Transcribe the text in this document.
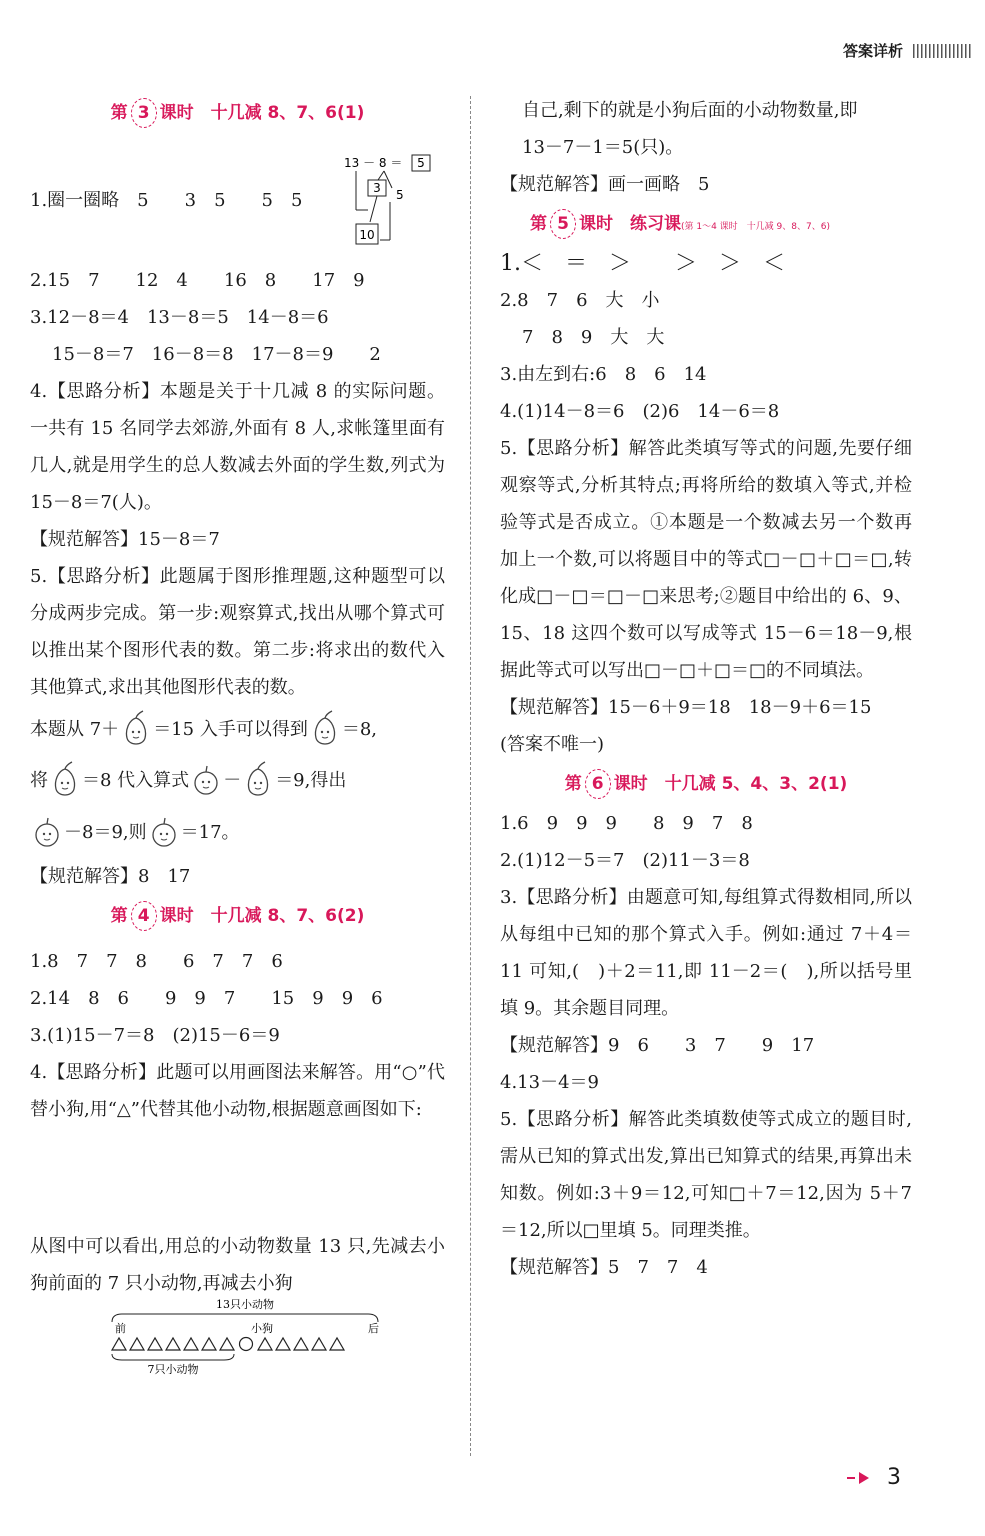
答案详析
第 3 课时　 十几减 8、7、6(1)
1.圈一圈略　5　　3　5　　5　5
2.15　7　　12　4　　16　8　　17　9
3.12－8＝4　13－8＝5　14－8＝6
15－8＝7　16－8＝8　17－8＝9　　2
4.【思路分析】本题是关于十几减 8 的实际问题。一共有 15 名同学去郊游,外面有 8 人,求帐篷里面有几人,就是用学生的总人数减去外面的学生数,列式为15－8＝7(人)。
【规范解答】15－8＝7
5.【思路分析】此题属于图形推理题,这种题型可以分成两步完成。第一步:观察算式,找出从哪个算式可以推出某个图形代表的数。第二步:将求出的数代入其他算式,求出其他图形代表的数。
本题从 7＋ ＝15 入手可以得到 ＝8,
将 ＝8 代入算式 － ＝9,得出
－8＝9,则 ＝17。
【规范解答】8　17
第 4 课时　 十几减 8、7、6(2)
1.8　7　7　8　　6　7　7　6
2.14　8　6　　9　9　7　　15　9　9　6
3.(1)15－7＝8　(2)15－6＝9
4.【思路分析】此题可以用画图法来解答。用“○”代替小狗,用“△”代替其他小动物,根据题意画图如下:
从图中可以看出,用总的小动物数量 13 只,先减去小狗前面的 7 只小动物,再减去小狗
13 － 8 ＝ 5
3 5
10
13只小动物
前	小狗	后
7只小动物
自己,剩下的就是小狗后面的小动物数量,即
13－7－1＝5(只)。
【规范解答】画一画略　5
第 5 课时　 练习课(第 1～4 课时　十几减 9、8、7、6)
1.＜　＝　＞　　＞　＞　＜
2.8　7　6　大　小
7　8　9　大　大
3.由左到右:6　8　6　14
4.(1)14－8＝6　(2)6　14－6＝8
5.【思路分析】解答此类填写等式的问题,先要仔细观察等式,分析其特点;再将所给的数填入等式,并检验等式是否成立。①本题是一个数减去另一个数再加上一个数,可以将题目中的等式□－□＋□＝□,转化成□－□＝□－□来思考;②题目中给出的 6、9、15、18 这四个数可以写成等式 15－6＝18－9,根据此等式可以写出□－□＋□＝□的不同填法。
【规范解答】15－6＋9＝18　18－9＋6＝15
(答案不唯一)
第 6 课时　 十几减 5、4、3、2(1)
1.6　9　9　9　　8　9　7　8
2.(1)12－5＝7　(2)11－3＝8
3.【思路分析】由题意可知,每组算式得数相同,所以从每组中已知的那个算式入手。例如:通过 7＋4＝11 可知,(　)＋2＝11,即 11－2＝(　),所以括号里填 9。其余题目同理。
【规范解答】9　6　　3　7　　9　17
4.13－4＝9
5.【思路分析】解答此类填数使等式成立的题目时,需从已知的算式出发,算出已知算式的结果,再算出未知数。例如:3＋9＝12,可知□＋7＝12,因为 5＋7＝12,所以□里填 5。同理类推。
【规范解答】5　7　7　4
3
